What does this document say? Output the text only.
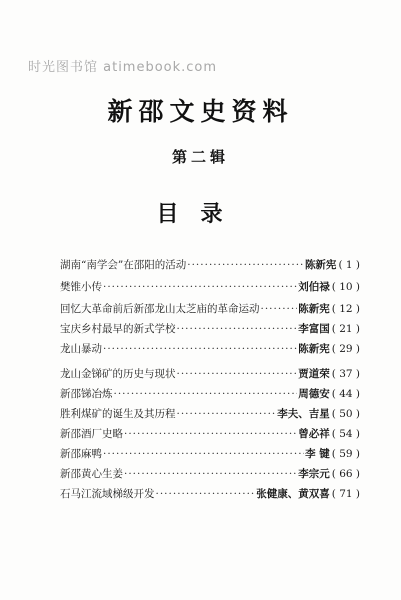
时光图书馆 atimebook.com
新邵文史资料
第二辑
目录
湖南“南学会”在邵阳的活动 ·····	陈新宪 ( 1 )
樊锥小传 ·····	刘伯禄 ( 10 )
回忆大革命前后新邵龙山太芝庙的革命运动 ·····	陈新宪 ( 12 )
宝庆乡村最早的新式学校 ·····	李富国 ( 21 )
龙山暴动 ·····	陈新宪 ( 29 )
龙山金锑矿的历史与现状 ·····	贾道荣 ( 37 )
新邵锑冶炼 ·····	周德安 ( 44 )
胜利煤矿的诞生及其历程 ·····	李夫、吉星 ( 50 )
新邵酒厂史略 ·····	曾必祥 ( 54 )
新邵麻鸭 ·····	李 键 ( 59 )
新邵黄心生姜 ·····	李宗元 ( 66 )
石马江流域梯级开发 ·····	张健康、黄双喜 ( 71 )
